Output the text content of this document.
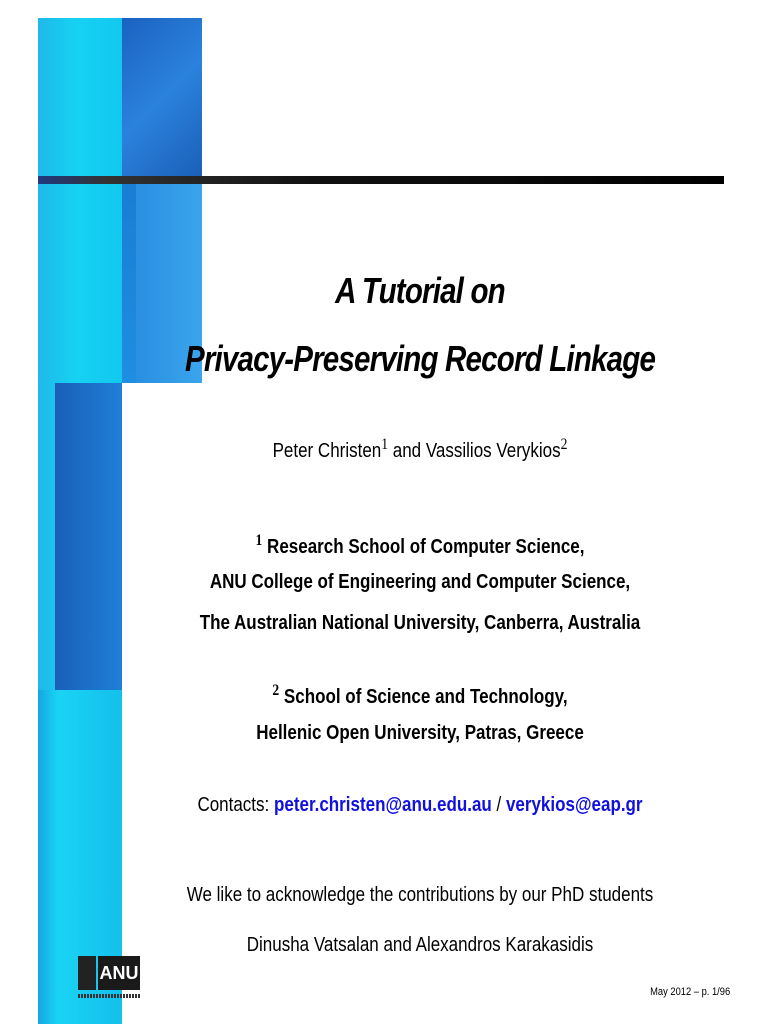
A Tutorial on
Privacy-Preserving Record Linkage
Peter Christen$^1$ and Vassilios Verykios$^2$
$^1$ Research School of Computer Science,
ANU College of Engineering and Computer Science,
The Australian National University, Canberra, Australia
$^2$ School of Science and Technology,
Hellenic Open University, Patras, Greece
Contacts: peter.christen@anu.edu.au / verykios@eap.gr
We like to acknowledge the contributions by our PhD students
Dinusha Vatsalan and Alexandros Karakasidis
ANU
May 2012 – p. 1/96
